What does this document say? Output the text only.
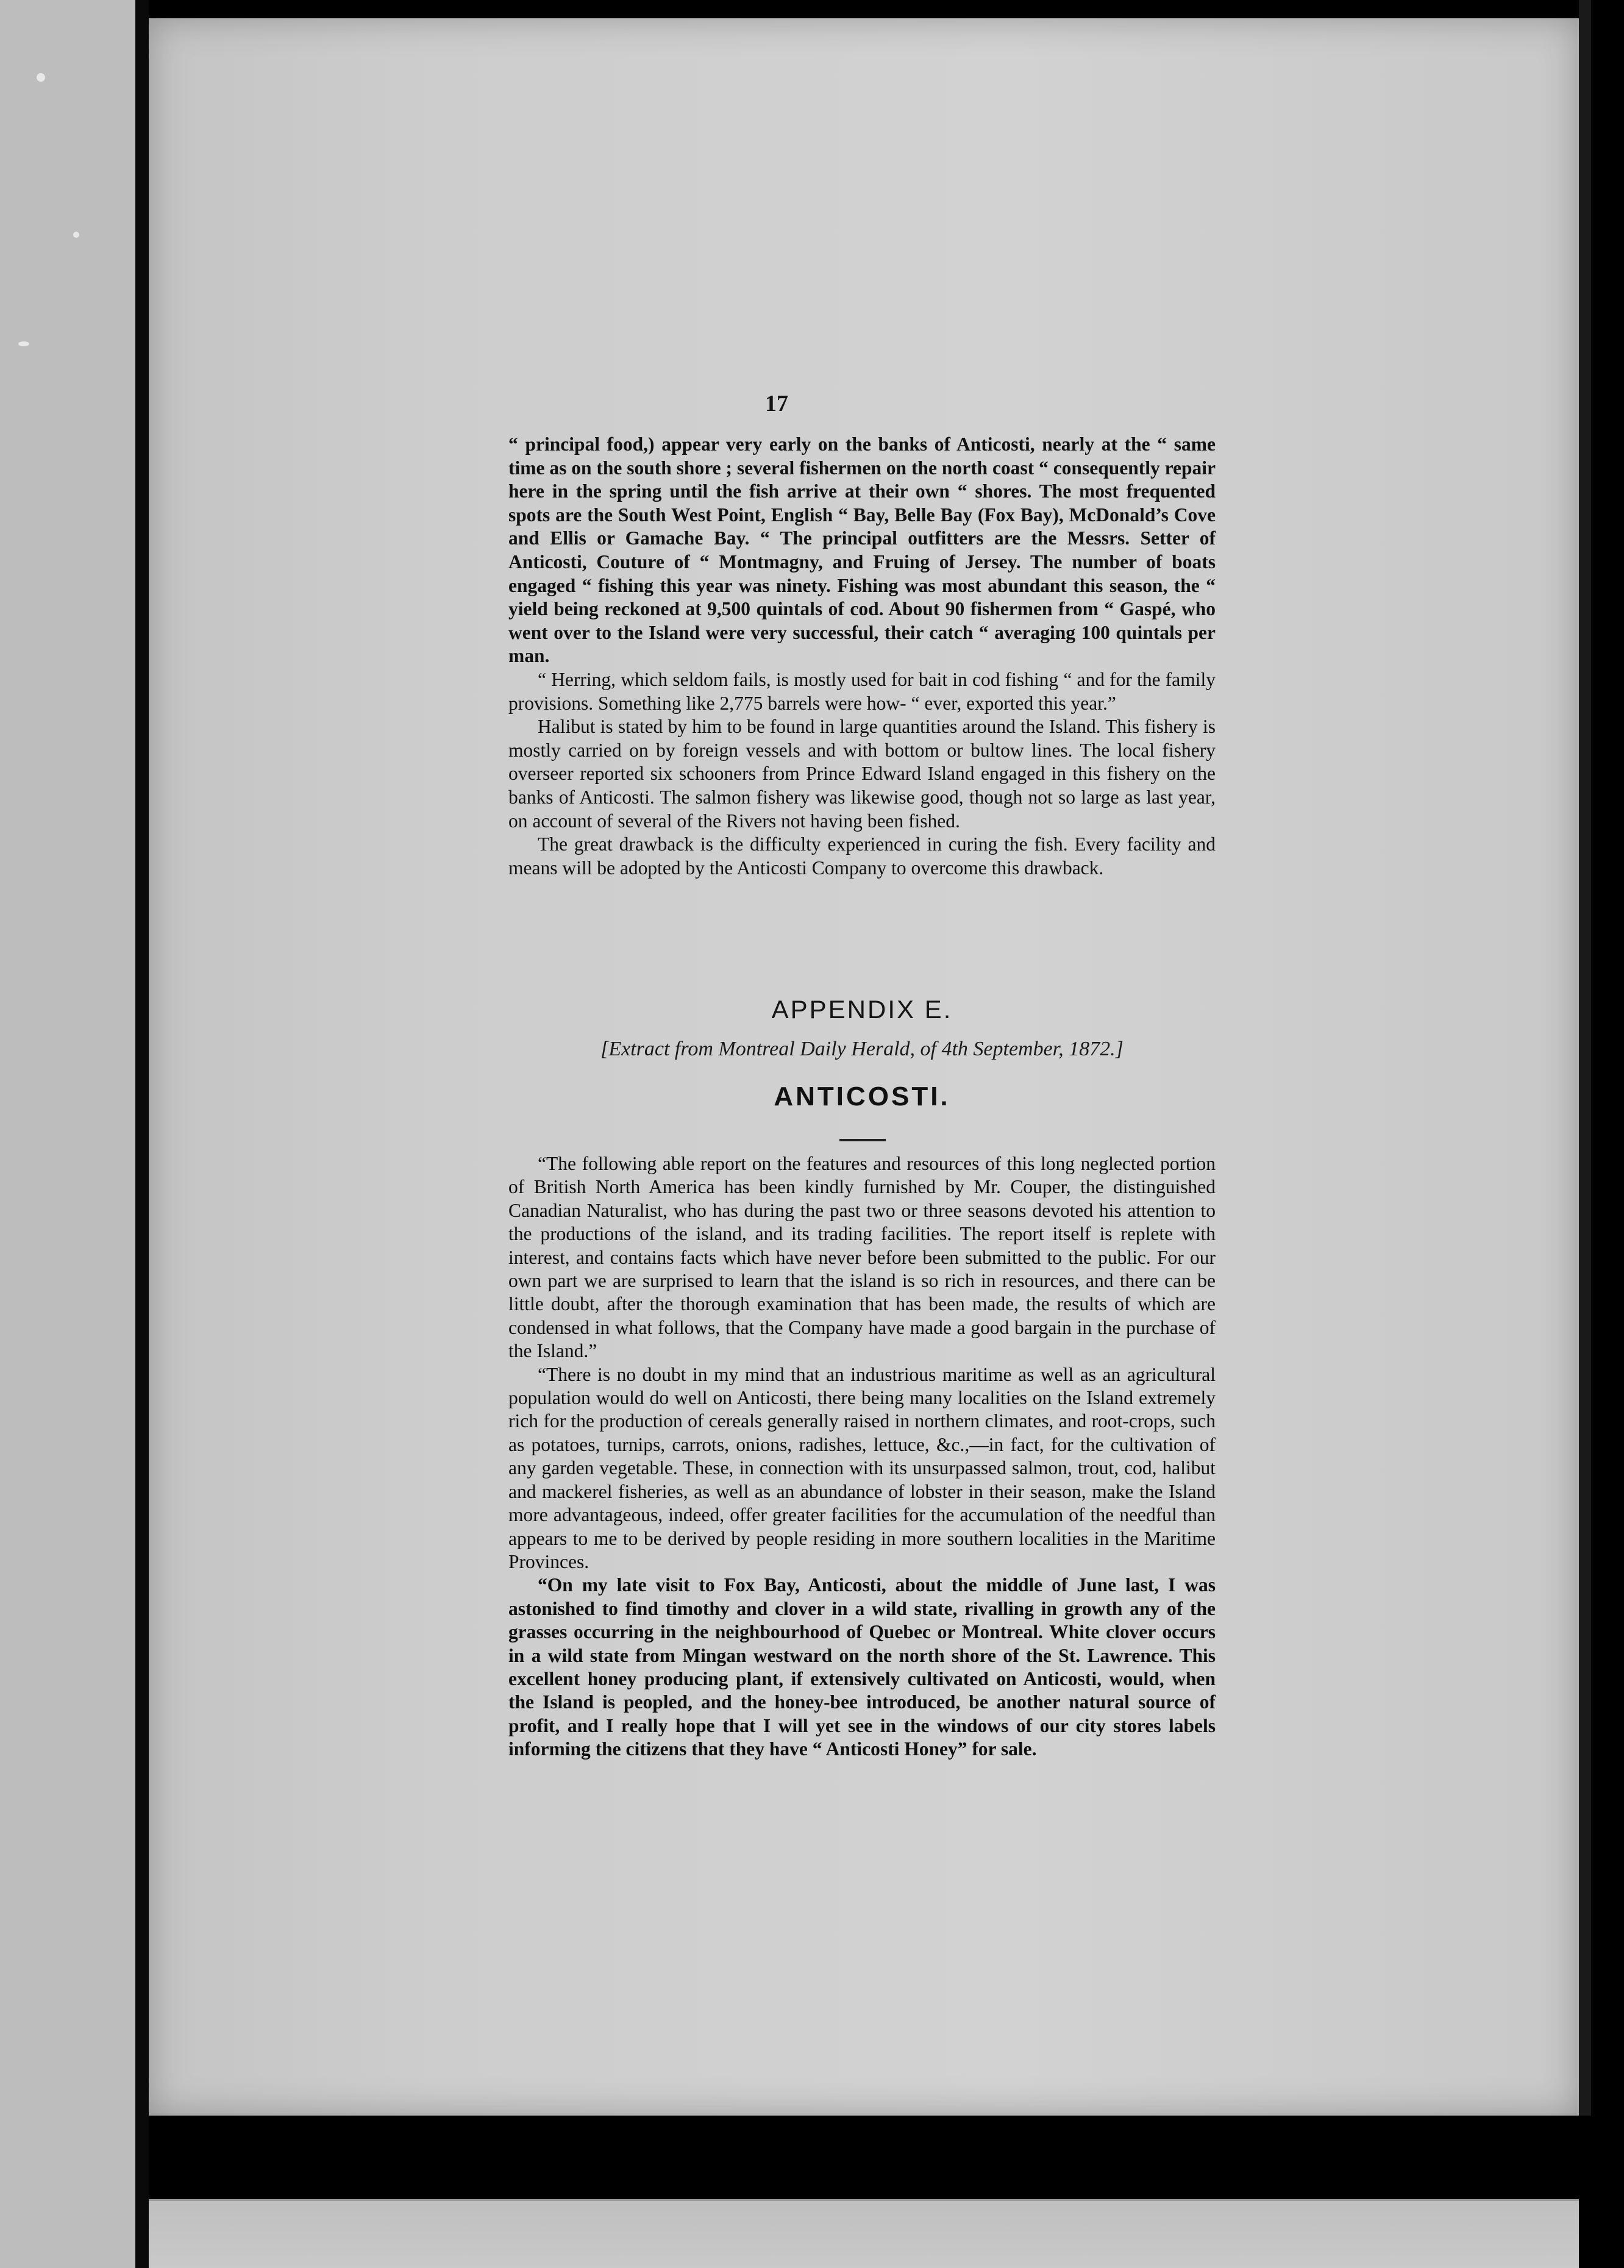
17

“ principal food,) appear very early on the banks of Anticosti, nearly at the “ same time as on the south shore ; several fishermen on the north coast “ consequently repair here in the spring until the fish arrive at their own “ shores. The most frequented spots are the South West Point, English “ Bay, Belle Bay (Fox Bay), McDonald’s Cove and Ellis or Gamache Bay. “ The principal outfitters are the Messrs. Setter of Anticosti, Couture of “ Montmagny, and Fruing of Jersey. The number of boats engaged “ fishing this year was ninety. Fishing was most abundant this season, the “ yield being reckoned at 9,500 quintals of cod. About 90 fishermen from “ Gaspé, who went over to the Island were very successful, their catch “ averaging 100 quintals per man.

“ Herring, which seldom fails, is mostly used for bait in cod fishing “ and for the family provisions. Something like 2,775 barrels were how- “ ever, exported this year.”

Halibut is stated by him to be found in large quantities around the Island. This fishery is mostly carried on by foreign vessels and with bottom or bultow lines. The local fishery overseer reported six schooners from Prince Edward Island engaged in this fishery on the banks of Anticosti. The salmon fishery was likewise good, though not so large as last year, on account of several of the Rivers not having been fished.

The great drawback is the difficulty experienced in curing the fish. Every facility and means will be adopted by the Anticosti Company to overcome this drawback.

APPENDIX E.
[Extract from Montreal Daily Herald, of 4th September, 1872.]
ANTICOSTI.

“The following able report on the features and resources of this long neglected portion of British North America has been kindly furnished by Mr. Couper, the distinguished Canadian Naturalist, who has during the past two or three seasons devoted his attention to the productions of the island, and its trading facilities. The report itself is replete with interest, and contains facts which have never before been submitted to the public. For our own part we are surprised to learn that the island is so rich in resources, and there can be little doubt, after the thorough examination that has been made, the results of which are condensed in what follows, that the Company have made a good bargain in the purchase of the Island.”

“There is no doubt in my mind that an industrious maritime as well as an agricultural population would do well on Anticosti, there being many localities on the Island extremely rich for the production of cereals generally raised in northern climates, and root-crops, such as potatoes, turnips, carrots, onions, radishes, lettuce, &c.,—in fact, for the cultivation of any garden vegetable. These, in connection with its unsurpassed salmon, trout, cod, halibut and mackerel fisheries, as well as an abundance of lobster in their season, make the Island more advantageous, indeed, offer greater facilities for the accumulation of the needful than appears to me to be derived by people residing in more southern localities in the Maritime Provinces.

“On my late visit to Fox Bay, Anticosti, about the middle of June last, I was astonished to find timothy and clover in a wild state, rivalling in growth any of the grasses occurring in the neighbourhood of Quebec or Montreal. White clover occurs in a wild state from Mingan westward on the north shore of the St. Lawrence. This excellent honey producing plant, if extensively cultivated on Anticosti, would, when the Island is peopled, and the honey-bee introduced, be another natural source of profit, and I really hope that I will yet see in the windows of our city stores labels informing the citizens that they have “ Anticosti Honey” for sale.
